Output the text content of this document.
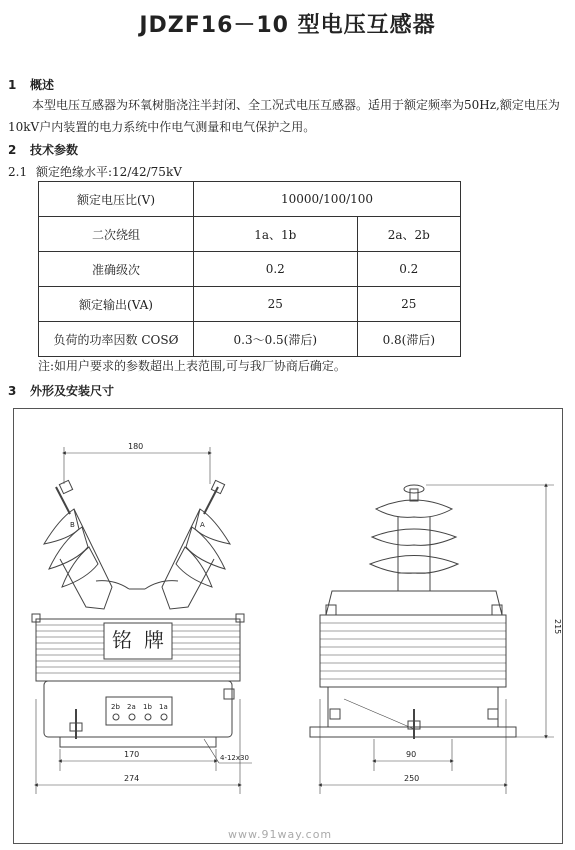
JDZF16－10 型电压互感器
1 概述
本型电压互感器为环氧树脂浇注半封闭、全工况式电压互感器。适用于额定频率为50Hz,额定电压为10kV户内装置的电力系统中作电气测量和电气保护之用。
2 技术参数
2.1 额定绝缘水平:12/42/75kV
额定电压比(V)	10000/100/100	
二次绕组	1a、1b	2a、2b
准确级次	0.2	0.2
额定输出(VA)	25	25
负荷的功率因数 COSØ	0.3～0.5(滞后)	0.8(滞后)
注:如用户要求的参数超出上表范围,可与我厂协商后确定。
3 外形及安装尺寸
180
170
274
4-12x30	90
250
215
铭 牌
2b 2a 1b 1a
B	A
www.91way.com
